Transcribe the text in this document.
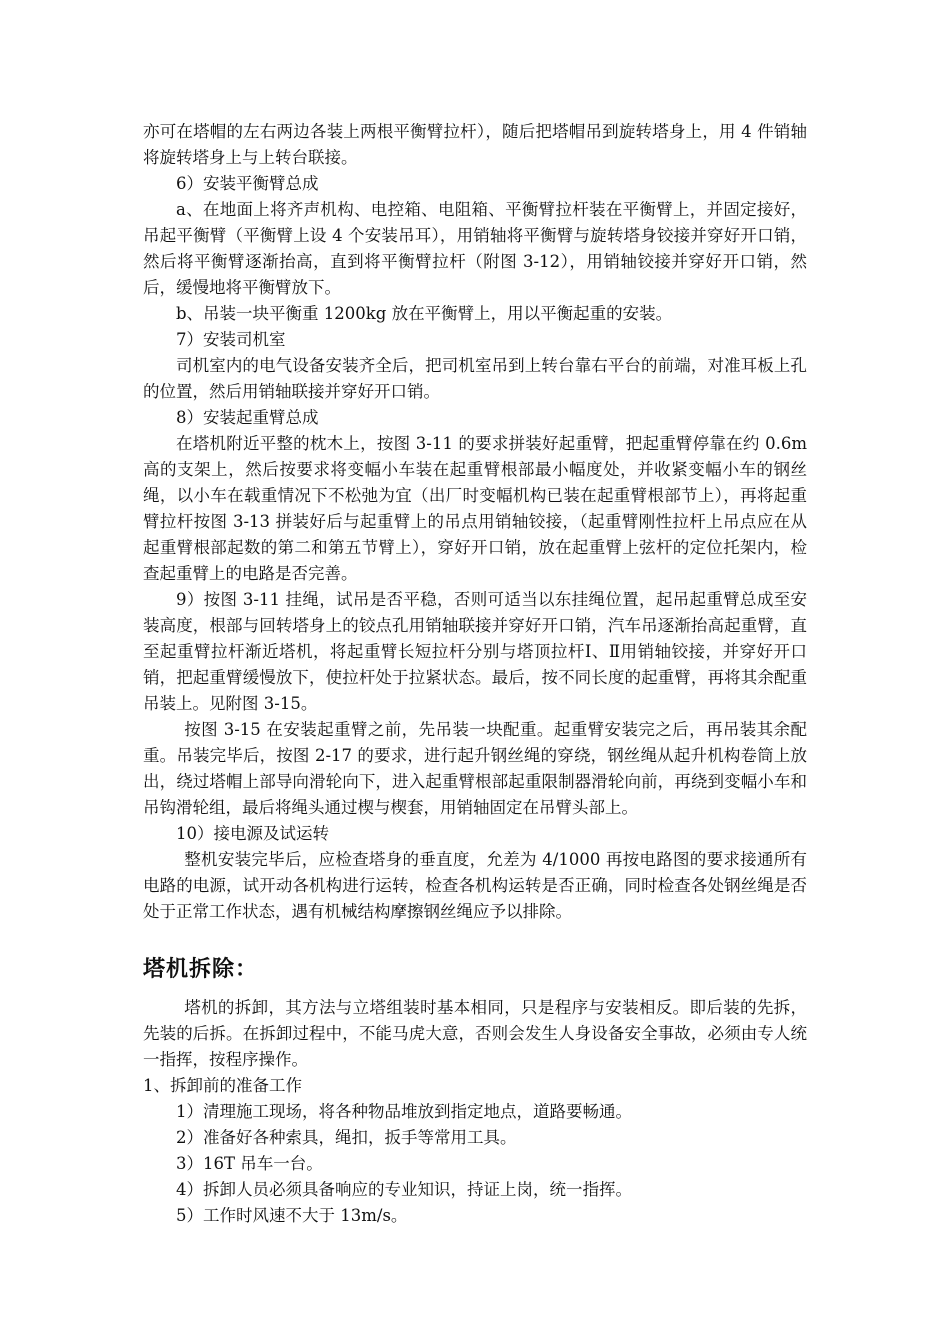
亦可在塔帽的左右两边各装上两根平衡臂拉杆），随后把塔帽吊到旋转塔身上，用 4 件销轴将旋转塔身上与上转台联接。

6）安装平衡臂总成

a、在地面上将齐声机构、电控箱、电阻箱、平衡臂拉杆装在平衡臂上，并固定接好，吊起平衡臂（平衡臂上设 4 个安装吊耳），用销轴将平衡臂与旋转塔身铰接并穿好开口销，然后将平衡臂逐渐抬高，直到将平衡臂拉杆（附图 3-12），用销轴铰接并穿好开口销，然后，缓慢地将平衡臂放下。

b、吊装一块平衡重 1200kg 放在平衡臂上，用以平衡起重的安装。

7）安装司机室

司机室内的电气设备安装齐全后，把司机室吊到上转台靠右平台的前端，对准耳板上孔的位置，然后用销轴联接并穿好开口销。

8）安装起重臂总成

在塔机附近平整的枕木上，按图 3-11 的要求拼装好起重臂，把起重臂停靠在约 0.6m 高的支架上，然后按要求将变幅小车装在起重臂根部最小幅度处，并收紧变幅小车的钢丝绳，以小车在载重情况下不松弛为宜（出厂时变幅机构已装在起重臂根部节上），再将起重臂拉杆按图 3-13 拼装好后与起重臂上的吊点用销轴铰接，（起重臂刚性拉杆上吊点应在从起重臂根部起数的第二和第五节臂上），穿好开口销，放在起重臂上弦杆的定位托架内，检查起重臂上的电路是否完善。

9）按图 3-11 挂绳，试吊是否平稳，否则可适当以东挂绳位置，起吊起重臂总成至安装高度，根部与回转塔身上的铰点孔用销轴联接并穿好开口销，汽车吊逐渐抬高起重臂，直至起重臂拉杆渐近塔机，将起重臂长短拉杆分别与塔顶拉杆Ⅰ、Ⅱ用销轴铰接，并穿好开口销，把起重臂缓慢放下，使拉杆处于拉紧状态。最后，按不同长度的起重臂，再将其余配重吊装上。见附图 3-15。

按图 3-15 在安装起重臂之前，先吊装一块配重。起重臂安装完之后，再吊装其余配重。吊装完毕后，按图 2-17 的要求，进行起升钢丝绳的穿绕，钢丝绳从起升机构卷筒上放出，绕过塔帽上部导向滑轮向下，进入起重臂根部起重限制器滑轮向前，再绕到变幅小车和吊钩滑轮组，最后将绳头通过楔与楔套，用销轴固定在吊臂头部上。

10）接电源及试运转

整机安装完毕后，应检查塔身的垂直度，允差为 4/1000 再按电路图的要求接通所有电路的电源，试开动各机构进行运转，检查各机构运转是否正确，同时检查各处钢丝绳是否处于正常工作状态，遇有机械结构摩擦钢丝绳应予以排除。

塔机拆除：

塔机的拆卸，其方法与立塔组装时基本相同，只是程序与安装相反。即后装的先拆，先装的后拆。在拆卸过程中，不能马虎大意，否则会发生人身设备安全事故，必须由专人统一指挥，按程序操作。

1、拆卸前的准备工作

1）清理施工现场，将各种物品堆放到指定地点，道路要畅通。

2）准备好各种索具，绳扣，扳手等常用工具。

3）16T 吊车一台。

4）拆卸人员必须具备响应的专业知识，持证上岗，统一指挥。

5）工作时风速不大于 13m/s。
